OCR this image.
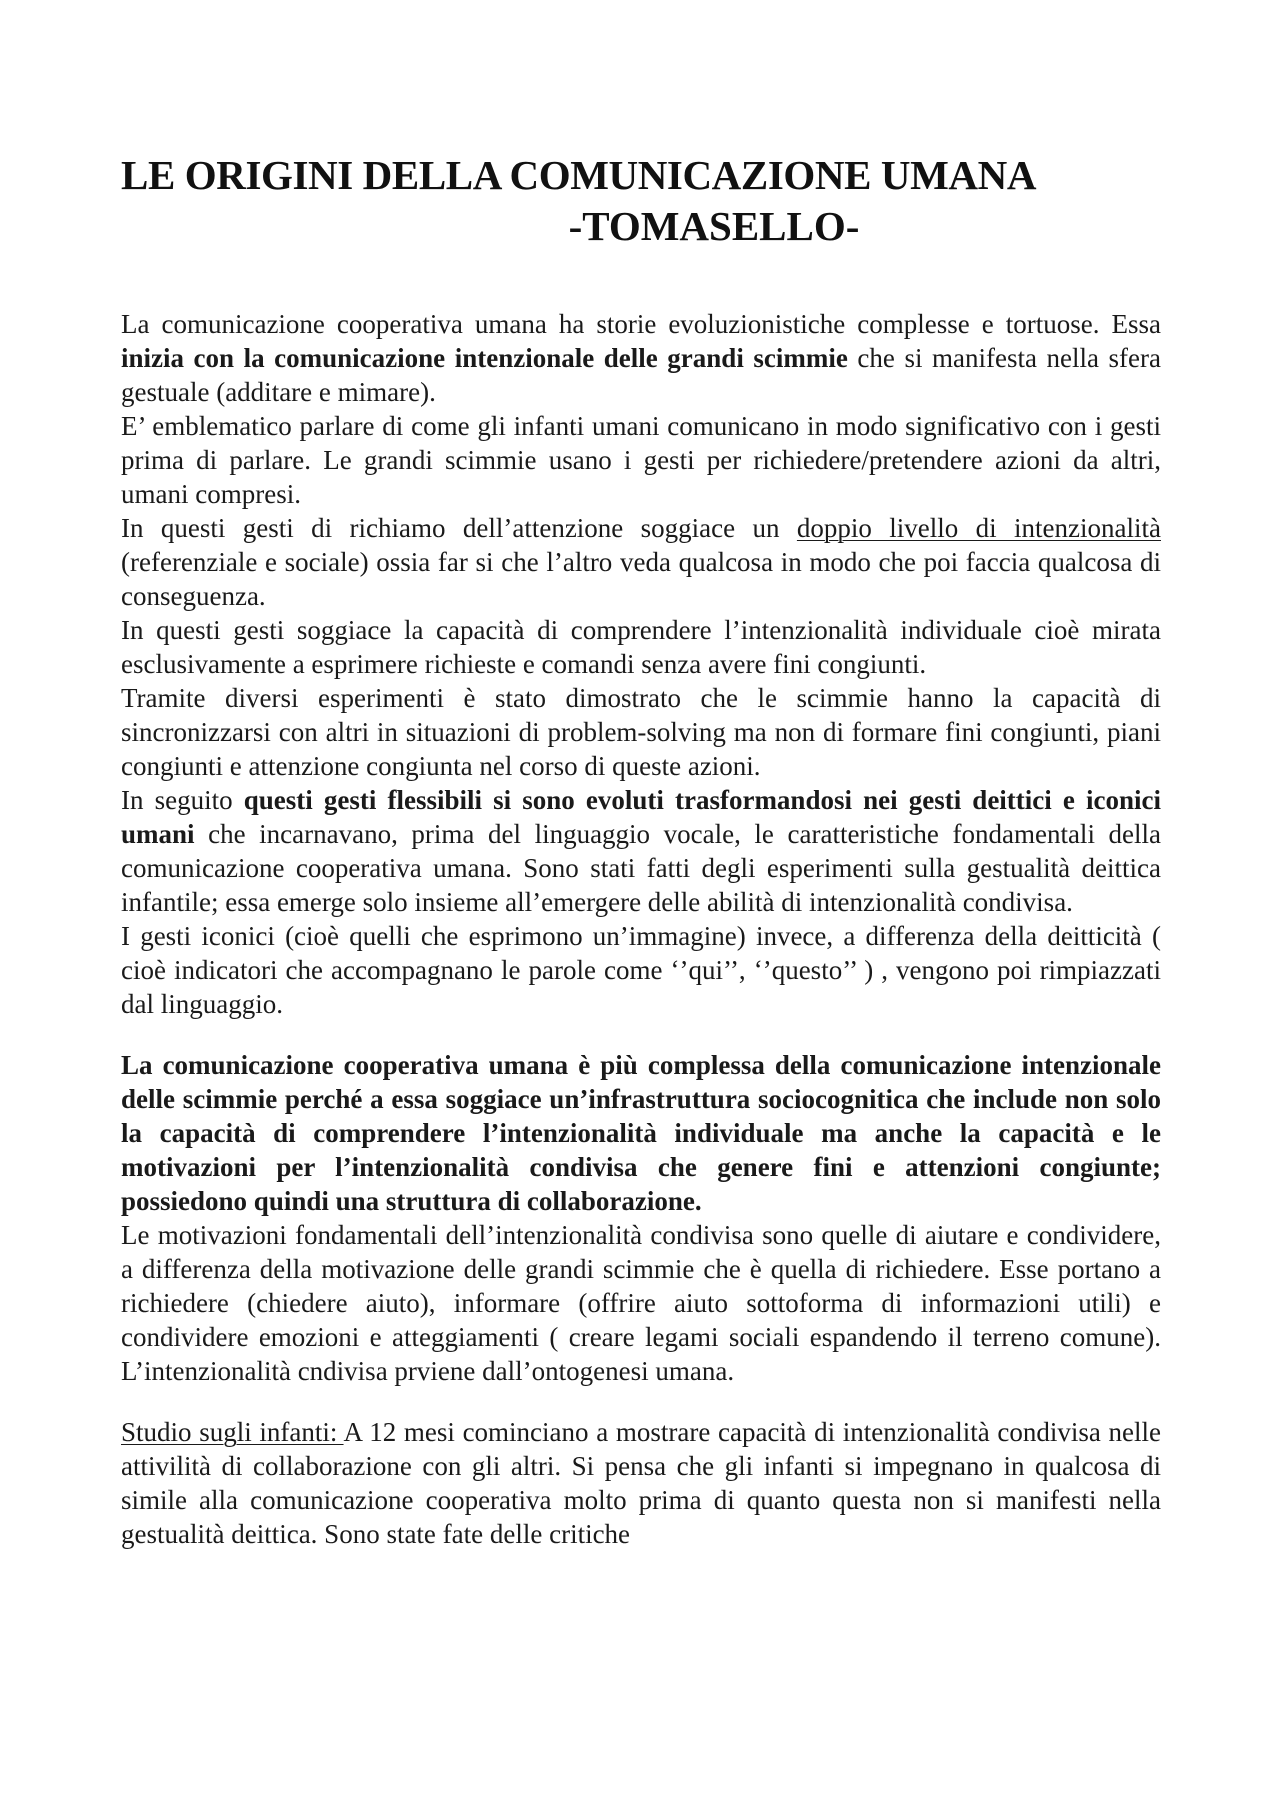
LE ORIGINI DELLA COMUNICAZIONE UMANA
-TOMASELLO-

La comunicazione cooperativa umana ha storie evoluzionistiche complesse e tortuose. Essa inizia con la comunicazione intenzionale delle grandi scimmie che si manifesta nella sfera gestuale (additare e mimare).

E’ emblematico parlare di come gli infanti umani comunicano in modo significativo con i gesti prima di parlare. Le grandi scimmie usano i gesti per richiedere/pretendere azioni da altri, umani compresi.

In questi gesti di richiamo dell’attenzione soggiace un doppio livello di intenzionalità (referenziale e sociale) ossia far si che l’altro veda qualcosa in modo che poi faccia qualcosa di conseguenza.

In questi gesti soggiace la capacità di comprendere l’intenzionalità individuale cioè mirata esclusivamente a esprimere richieste e comandi senza avere fini congiunti.

Tramite diversi esperimenti è stato dimostrato che le scimmie hanno la capacità di sincronizzarsi con altri in situazioni di problem-solving ma non di formare fini congiunti, piani congiunti e attenzione congiunta nel corso di queste azioni.

In seguito questi gesti flessibili si sono evoluti trasformandosi nei gesti deittici e iconici umani che incarnavano, prima del linguaggio vocale, le caratteristiche fondamentali della comunicazione cooperativa umana. Sono stati fatti degli esperimenti sulla gestualità deittica infantile; essa emerge solo insieme all’emergere delle abilità di intenzionalità condivisa.

I gesti iconici (cioè quelli che esprimono un’immagine) invece, a differenza della deitticità ( cioè indicatori che accompagnano le parole come ‘’qui’’, ‘’questo’’ ) , vengono poi rimpiazzati dal linguaggio.

La comunicazione cooperativa umana è più complessa della comunicazione intenzionale delle scimmie perché a essa soggiace un’infrastruttura sociocognitica che include non solo la capacità di comprendere l’intenzionalità individuale ma anche la capacità e le motivazioni per l’intenzionalità condivisa che genere fini e attenzioni congiunte; possiedono quindi una struttura di collaborazione.

Le motivazioni fondamentali dell’intenzionalità condivisa sono quelle di aiutare e condividere, a differenza della motivazione delle grandi scimmie che è quella di richiedere. Esse portano a richiedere (chiedere aiuto), informare (offrire aiuto sottoforma di informazioni utili) e condividere emozioni e atteggiamenti ( creare legami sociali espandendo il terreno comune). L’intenzionalità cndivisa prviene dall’ontogenesi umana.

Studio sugli infanti: A 12 mesi cominciano a mostrare capacità di intenzionalità condivisa nelle attivilità di collaborazione con gli altri. Si pensa che gli infanti si impegnano in qualcosa di simile alla comunicazione cooperativa molto prima di quanto questa non si manifesti nella gestualità deittica. Sono state fate delle critiche
